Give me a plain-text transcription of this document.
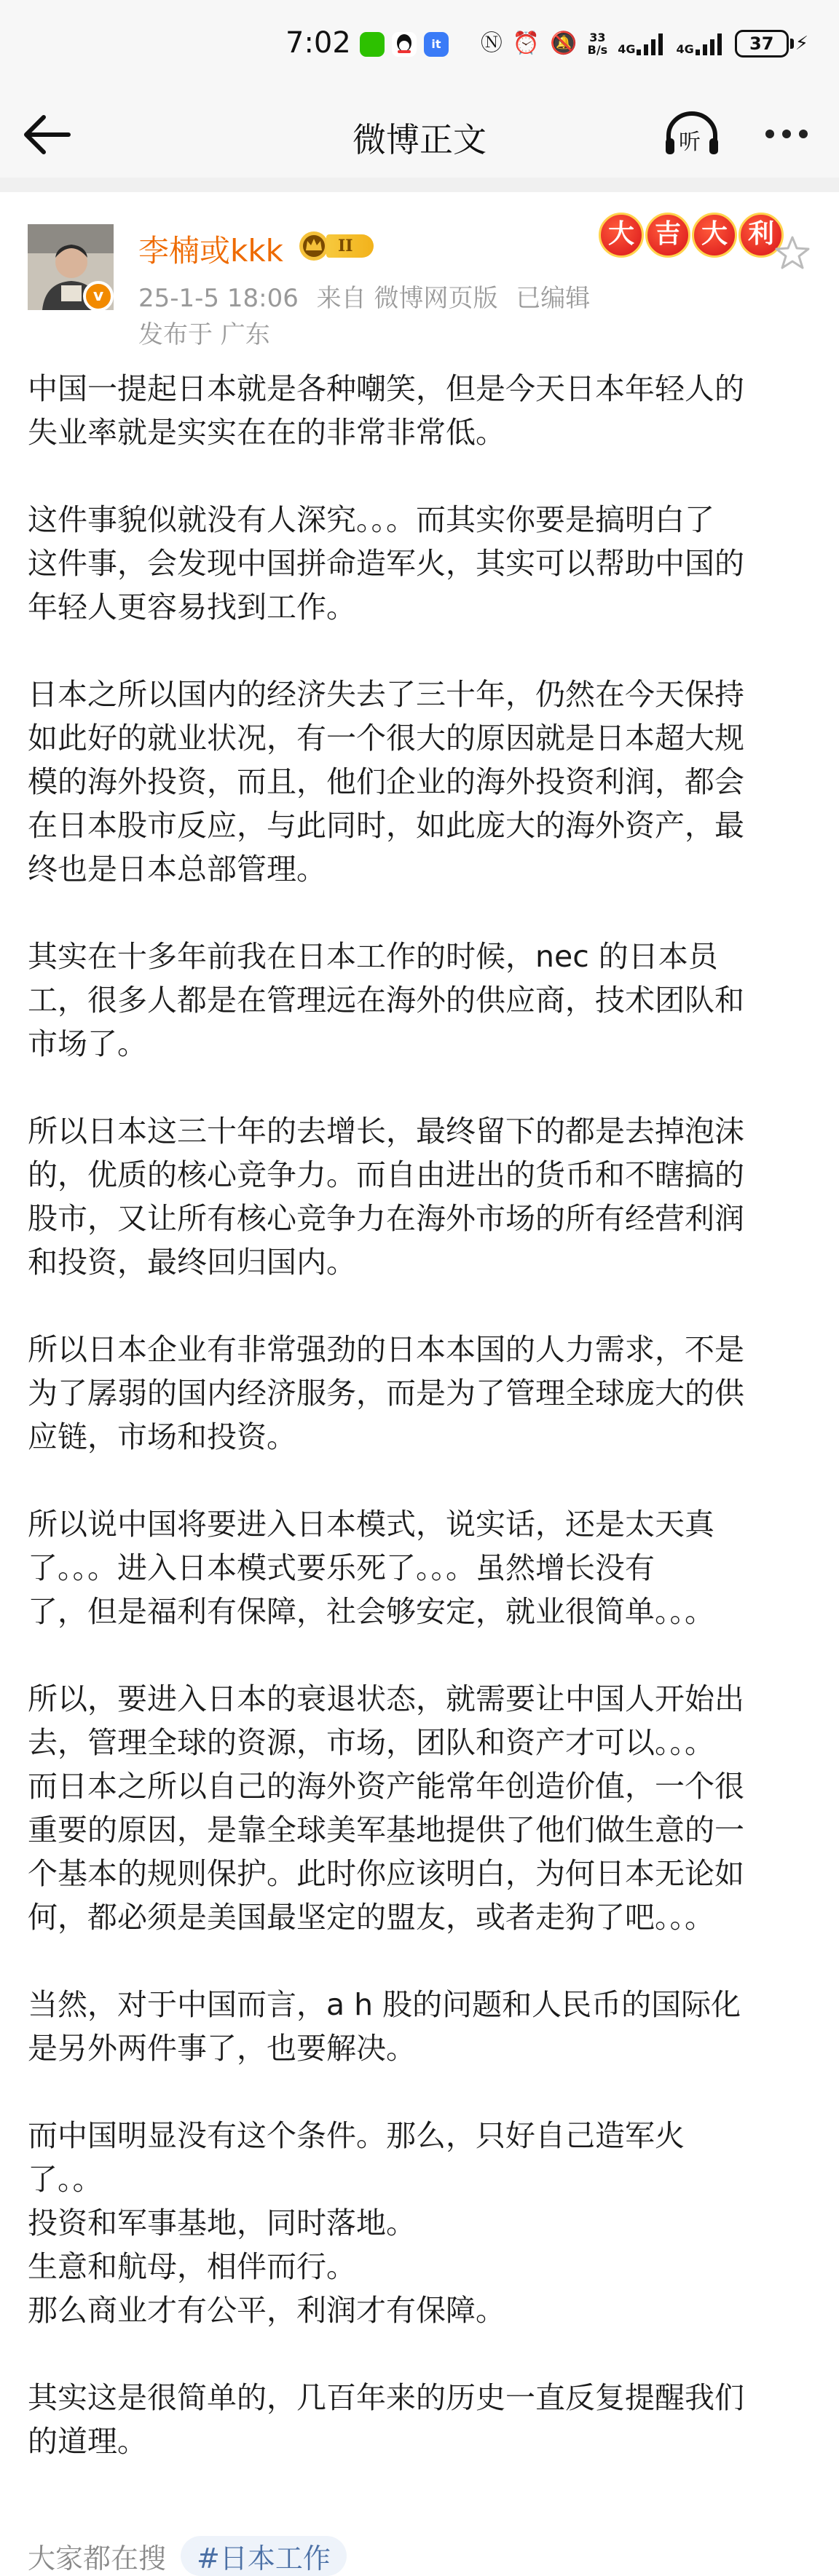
7:02	it	Ⓝ ⏰ 🔕 33
B/s 4G	4G	37	⚡
微博正文	听
v
李楠或kkk	II
25-1-5 18:06 来自 微博网页版 已编辑
发布于 广东
大 吉 大 利
中国一提起日本就是各种嘲笑，但是今天日本年轻人的
失业率就是实实在在的非常非常低。
这件事貌似就没有人深究。。。而其实你要是搞明白了
这件事，会发现中国拼命造军火，其实可以帮助中国的
年轻人更容易找到工作。
日本之所以国内的经济失去了三十年，仍然在今天保持
如此好的就业状况，有一个很大的原因就是日本超大规
模的海外投资，而且，他们企业的海外投资利润，都会
在日本股市反应，与此同时，如此庞大的海外资产，最
终也是日本总部管理。
其实在十多年前我在日本工作的时候，nec 的日本员
工，很多人都是在管理远在海外的供应商，技术团队和
市场了。
所以日本这三十年的去增长，最终留下的都是去掉泡沫
的，优质的核心竞争力。而自由进出的货币和不瞎搞的
股市，又让所有核心竞争力在海外市场的所有经营利润
和投资，最终回归国内。
所以日本企业有非常强劲的日本本国的人力需求，不是
为了孱弱的国内经济服务，而是为了管理全球庞大的供
应链，市场和投资。
所以说中国将要进入日本模式，说实话，还是太天真
了。。。进入日本模式要乐死了。。。虽然增长没有
了，但是福利有保障，社会够安定，就业很简单。。。
所以，要进入日本的衰退状态，就需要让中国人开始出
去，管理全球的资源，市场，团队和资产才可以。。。
而日本之所以自己的海外资产能常年创造价值，一个很
重要的原因，是靠全球美军基地提供了他们做生意的一
个基本的规则保护。此时你应该明白，为何日本无论如
何，都必须是美国最坚定的盟友，或者走狗了吧。。。
当然，对于中国而言，a h 股的问题和人民币的国际化
是另外两件事了，也要解决。
而中国明显没有这个条件。那么，只好自己造军火
了。。
投资和军事基地，同时落地。
生意和航母，相伴而行。
那么商业才有公平，利润才有保障。
其实这是很简单的，几百年来的历史一直反复提醒我们
的道理。
大家都在搜	#日本工作
